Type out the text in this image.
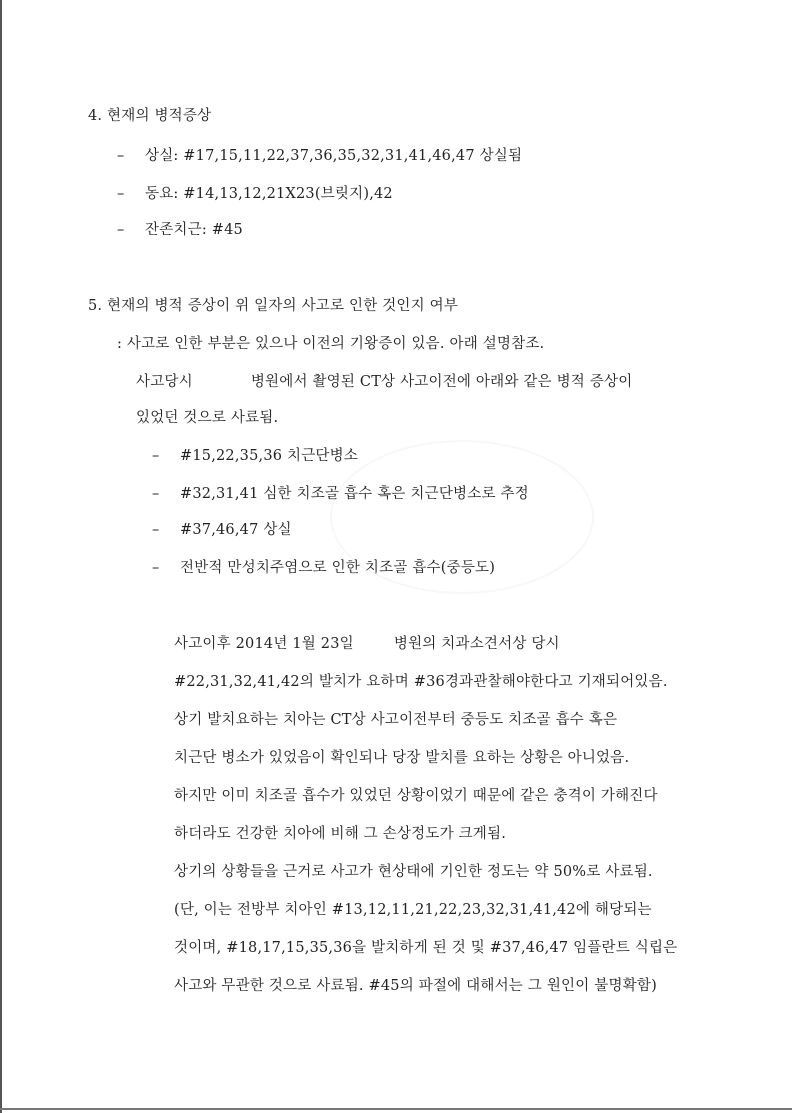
4. 현재의 병적증상
– 상실: #17,15,11,22,37,36,35,32,31,41,46,47 상실됨
– 동요: #14,13,12,21X23(브릿지),42
– 잔존치근: #45
5. 현재의 병적 증상이 위 일자의 사고로 인한 것인지 여부
: 사고로 인한 부분은 있으나 이전의 기왕증이 있음. 아래 설명참조.
사고당시	병원에서 촬영된 CT상 사고이전에 아래와 같은 병적 증상이
있었던 것으로 사료됨.
– #15,22,35,36 치근단병소
– #32,31,41 심한 치조골 흡수 혹은 치근단병소로 추정
– #37,46,47 상실
– 전반적 만성치주염으로 인한 치조골 흡수(중등도)
사고이후 2014년 1월 23일	병원의 치과소견서상 당시
#22,31,32,41,42의 발치가 요하며 #36경과관찰해야한다고 기재되어있음.
상기 발치요하는 치아는 CT상 사고이전부터 중등도 치조골 흡수 혹은
치근단 병소가 있었음이 확인되나 당장 발치를 요하는 상황은 아니었음.
하지만 이미 치조골 흡수가 있었던 상황이었기 때문에 같은 충격이 가해진다
하더라도 건강한 치아에 비해 그 손상정도가 크게됨.
상기의 상황들을 근거로 사고가 현상태에 기인한 정도는 약 50%로 사료됨.
(단, 이는 전방부 치아인 #13,12,11,21,22,23,32,31,41,42에 해당되는
것이며, #18,17,15,35,36을 발치하게 된 것 및 #37,46,47 임플란트 식립은
사고와 무관한 것으로 사료됨. #45의 파절에 대해서는 그 원인이 불명확함)
